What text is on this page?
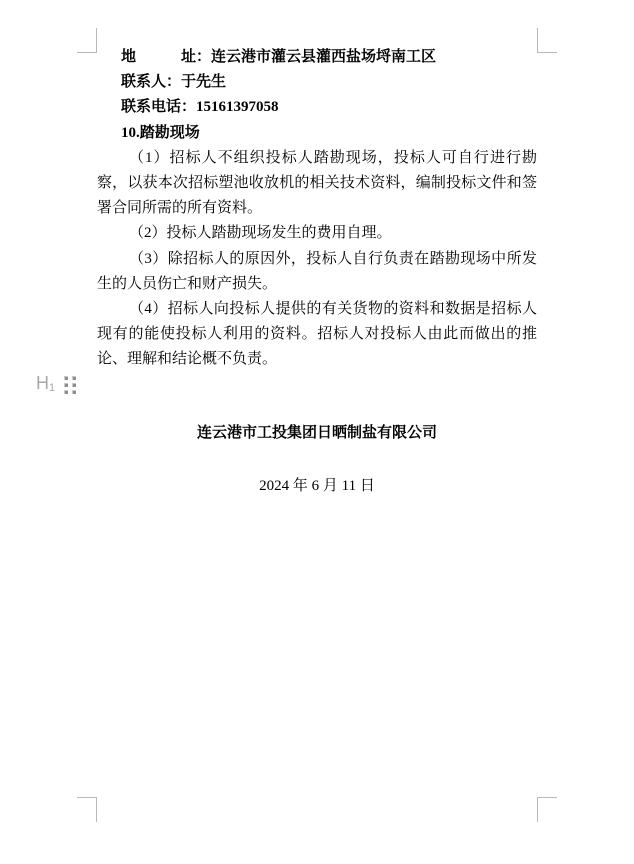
地　　　址：连云港市灌云县灌西盐场埒南工区
联系人：于先生
联系电话：15161397058
10.踏勘现场
（1）招标人不组织投标人踏勘现场，投标人可自行进行勘察，以获本次招标塑池收放机的相关技术资料，编制投标文件和签署合同所需的所有资料。
（2）投标人踏勘现场发生的费用自理。
（3）除招标人的原因外，投标人自行负责在踏勘现场中所发生的人员伤亡和财产损失。
（4）招标人向投标人提供的有关货物的资料和数据是招标人现有的能使投标人利用的资料。招标人对投标人由此而做出的推论、理解和结论概不负责。
$H_1$
连云港市工投集团日晒制盐有限公司
2024 年 6 月 11 日
